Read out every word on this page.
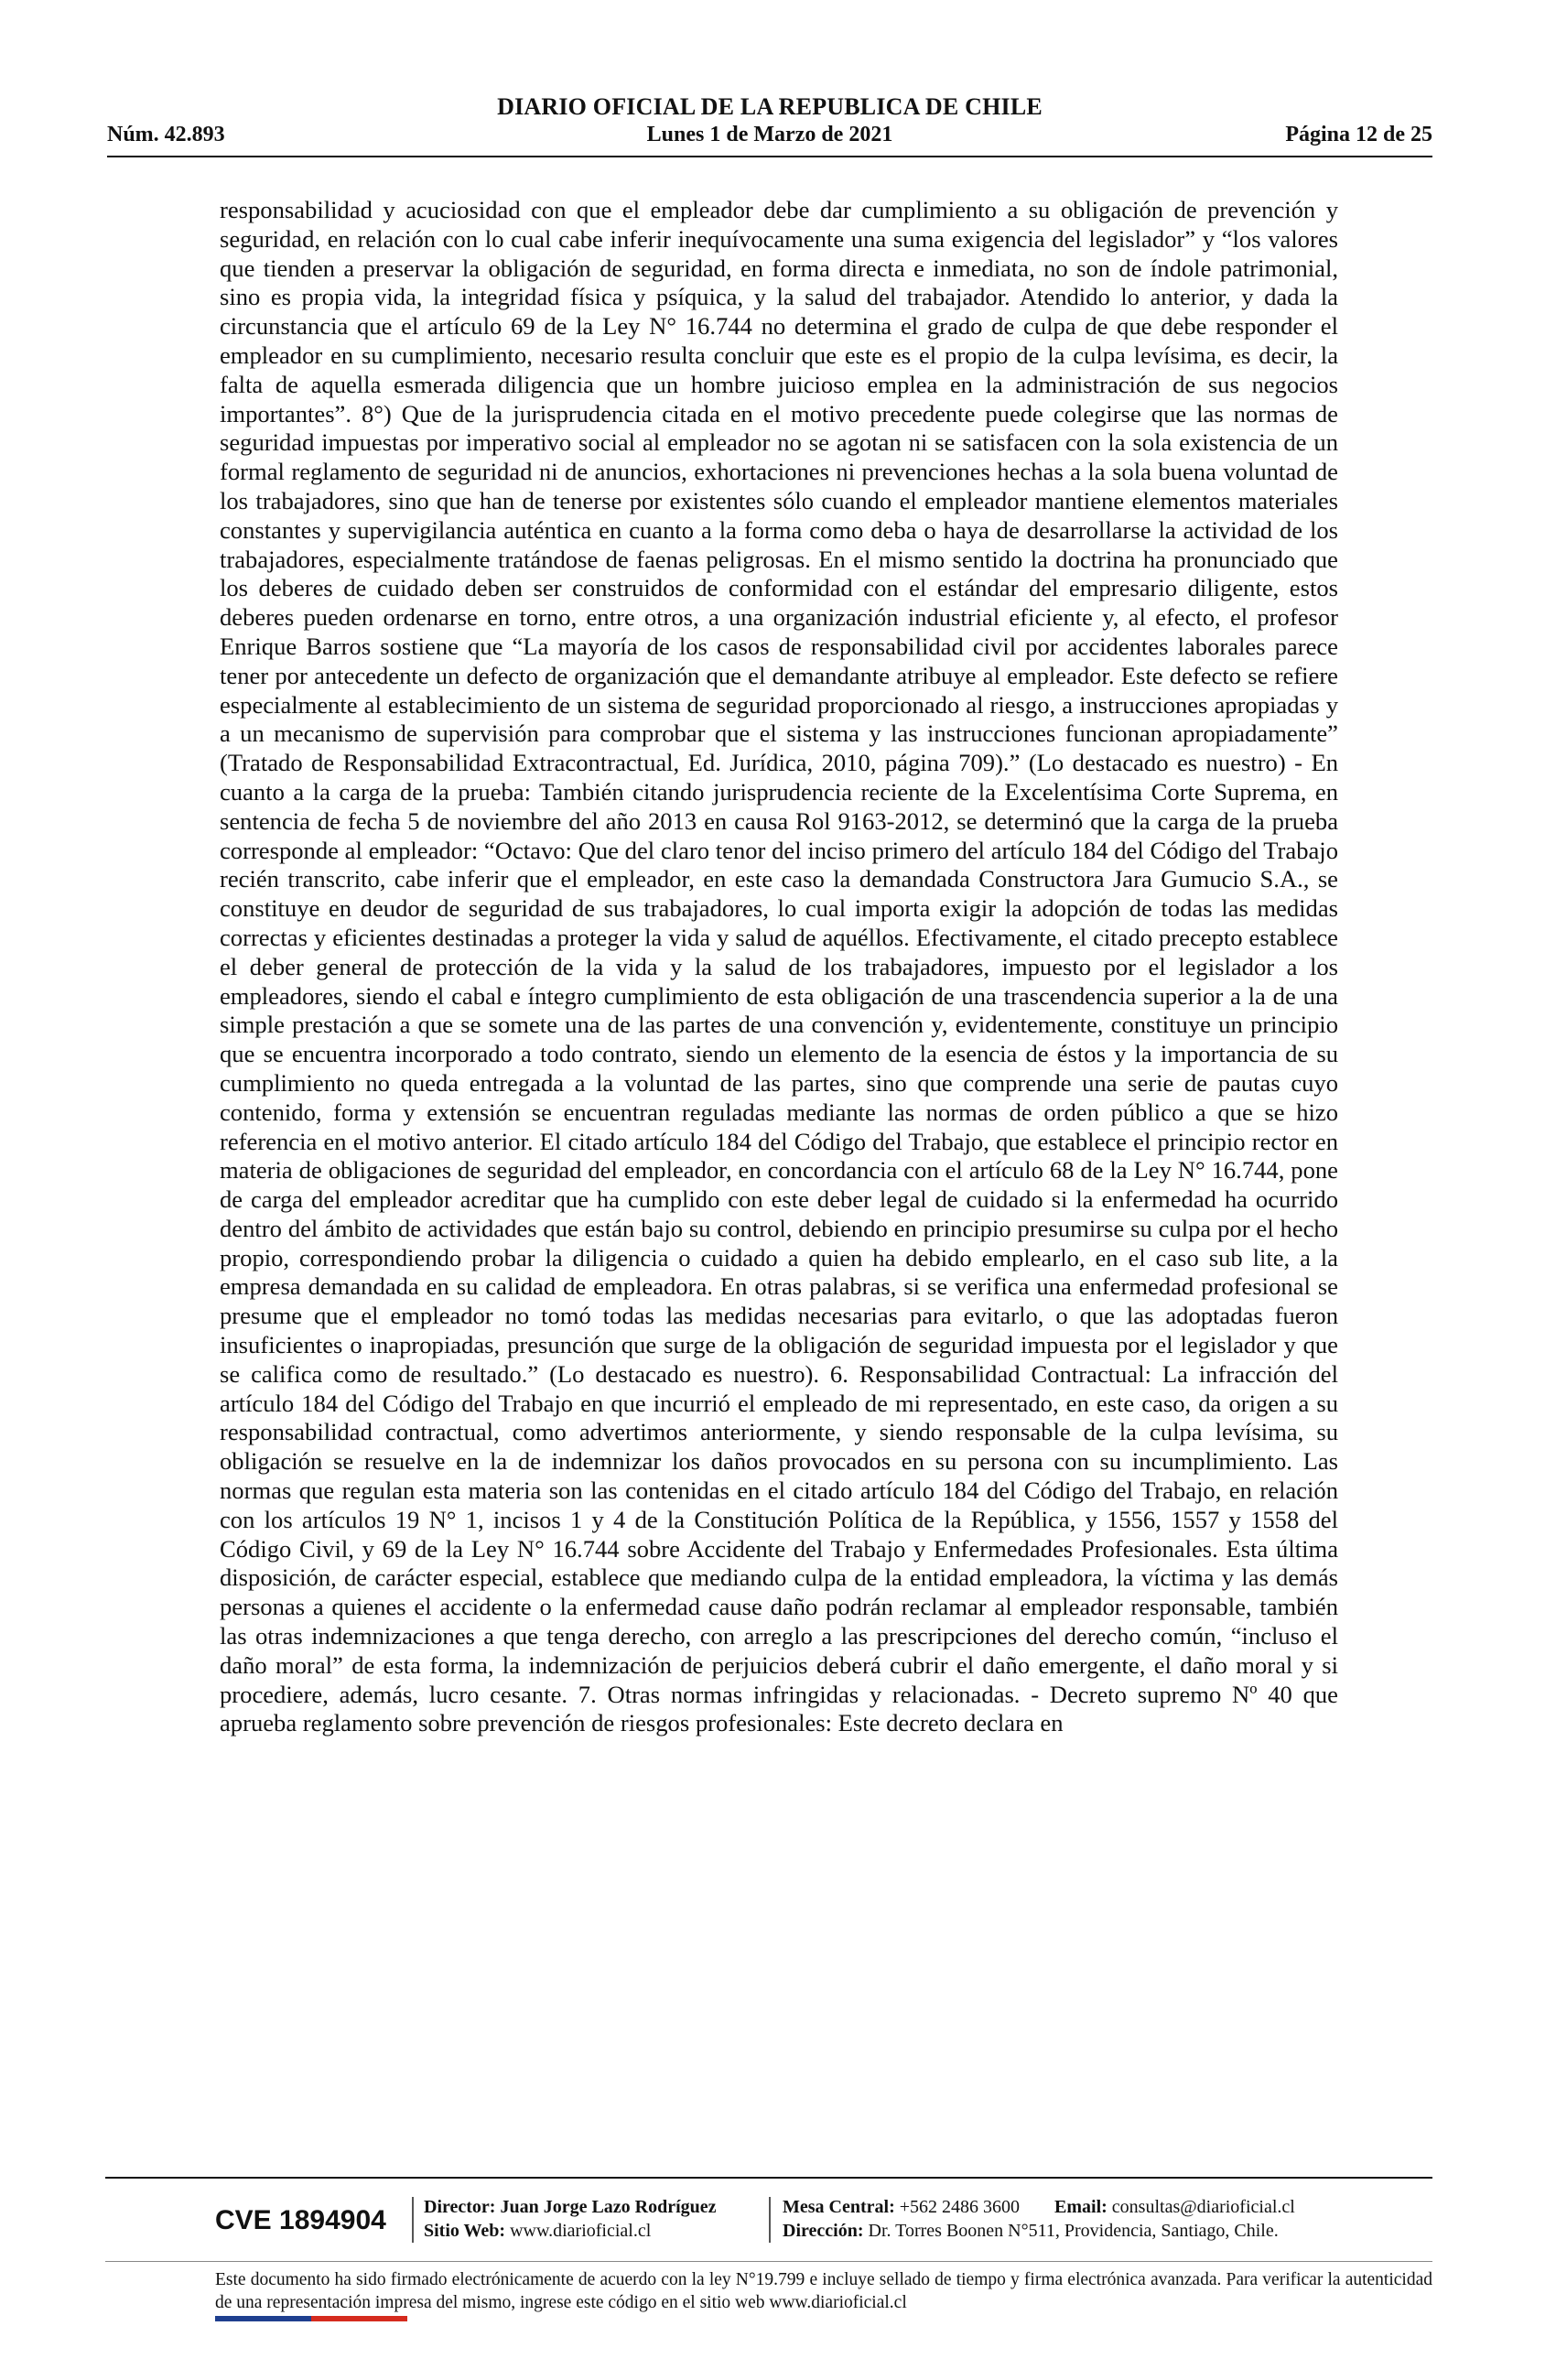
DIARIO OFICIAL DE LA REPUBLICA DE CHILE
Núm. 42.893	Lunes 1 de Marzo de 2021	Página 12 de 25
responsabilidad y acuciosidad con que el empleador debe dar cumplimiento a su obligación de prevención y seguridad, en relación con lo cual cabe inferir inequívocamente una suma exigencia del legislador” y “los valores que tienden a preservar la obligación de seguridad, en forma directa e inmediata, no son de índole patrimonial, sino es propia vida, la integridad física y psíquica, y la salud del trabajador. Atendido lo anterior, y dada la circunstancia que el artículo 69 de la Ley N° 16.744 no determina el grado de culpa de que debe responder el empleador en su cumplimiento, necesario resulta concluir que este es el propio de la culpa levísima, es decir, la falta de aquella esmerada diligencia que un hombre juicioso emplea en la administración de sus negocios importantes”. 8°) Que de la jurisprudencia citada en el motivo precedente puede colegirse que las normas de seguridad impuestas por imperativo social al empleador no se agotan ni se satisfacen con la sola existencia de un formal reglamento de seguridad ni de anuncios, exhortaciones ni prevenciones hechas a la sola buena voluntad de los trabajadores, sino que han de tenerse por existentes sólo cuando el empleador mantiene elementos materiales constantes y supervigilancia auténtica en cuanto a la forma como deba o haya de desarrollarse la actividad de los trabajadores, especialmente tratándose de faenas peligrosas. En el mismo sentido la doctrina ha pronunciado que los deberes de cuidado deben ser construidos de conformidad con el estándar del empresario diligente, estos deberes pueden ordenarse en torno, entre otros, a una organización industrial eficiente y, al efecto, el profesor Enrique Barros sostiene que “La mayoría de los casos de responsabilidad civil por accidentes laborales parece tener por antecedente un defecto de organización que el demandante atribuye al empleador. Este defecto se refiere especialmente al establecimiento de un sistema de seguridad proporcionado al riesgo, a instrucciones apropiadas y a un mecanismo de supervisión para comprobar que el sistema y las instrucciones funcionan apropiadamente” (Tratado de Responsabilidad Extracontractual, Ed. Jurídica, 2010, página 709).” (Lo destacado es nuestro) - En cuanto a la carga de la prueba: También citando jurisprudencia reciente de la Excelentísima Corte Suprema, en sentencia de fecha 5 de noviembre del año 2013 en causa Rol 9163-2012, se determinó que la carga de la prueba corresponde al empleador: “Octavo: Que del claro tenor del inciso primero del artículo 184 del Código del Trabajo recién transcrito, cabe inferir que el empleador, en este caso la demandada Constructora Jara Gumucio S.A., se constituye en deudor de seguridad de sus trabajadores, lo cual importa exigir la adopción de todas las medidas correctas y eficientes destinadas a proteger la vida y salud de aquéllos. Efectivamente, el citado precepto establece el deber general de protección de la vida y la salud de los trabajadores, impuesto por el legislador a los empleadores, siendo el cabal e íntegro cumplimiento de esta obligación de una trascendencia superior a la de una simple prestación a que se somete una de las partes de una convención y, evidentemente, constituye un principio que se encuentra incorporado a todo contrato, siendo un elemento de la esencia de éstos y la importancia de su cumplimiento no queda entregada a la voluntad de las partes, sino que comprende una serie de pautas cuyo contenido, forma y extensión se encuentran reguladas mediante las normas de orden público a que se hizo referencia en el motivo anterior. El citado artículo 184 del Código del Trabajo, que establece el principio rector en materia de obligaciones de seguridad del empleador, en concordancia con el artículo 68 de la Ley N° 16.744, pone de carga del empleador acreditar que ha cumplido con este deber legal de cuidado si la enfermedad ha ocurrido dentro del ámbito de actividades que están bajo su control, debiendo en principio presumirse su culpa por el hecho propio, correspondiendo probar la diligencia o cuidado a quien ha debido emplearlo, en el caso sub lite, a la empresa demandada en su calidad de empleadora. En otras palabras, si se verifica una enfermedad profesional se presume que el empleador no tomó todas las medidas necesarias para evitarlo, o que las adoptadas fueron insuficientes o inapropiadas, presunción que surge de la obligación de seguridad impuesta por el legislador y que se califica como de resultado.” (Lo destacado es nuestro). 6. Responsabilidad Contractual: La infracción del artículo 184 del Código del Trabajo en que incurrió el empleado de mi representado, en este caso, da origen a su responsabilidad contractual, como advertimos anteriormente, y siendo responsable de la culpa levísima, su obligación se resuelve en la de indemnizar los daños provocados en su persona con su incumplimiento. Las normas que regulan esta materia son las contenidas en el citado artículo 184 del Código del Trabajo, en relación con los artículos 19 N° 1, incisos 1 y 4 de la Constitución Política de la República, y 1556, 1557 y 1558 del Código Civil, y 69 de la Ley N° 16.744 sobre Accidente del Trabajo y Enfermedades Profesionales. Esta última disposición, de carácter especial, establece que mediando culpa de la entidad empleadora, la víctima y las demás personas a quienes el accidente o la enfermedad cause daño podrán reclamar al empleador responsable, también las otras indemnizaciones a que tenga derecho, con arreglo a las prescripciones del derecho común, “incluso el daño moral” de esta forma, la indemnización de perjuicios deberá cubrir el daño emergente, el daño moral y si procediere, además, lucro cesante. 7. Otras normas infringidas y relacionadas. - Decreto supremo Nº 40 que aprueba reglamento sobre prevención de riesgos profesionales: Este decreto declara en
CVE 1894904	Director: Juan Jorge Lazo Rodríguez
Sitio Web: www.diarioficial.cl
Mesa Central: +562 2486 3600 Email: consultas@diarioficial.cl
Dirección: Dr. Torres Boonen N°511, Providencia, Santiago, Chile.
Este documento ha sido firmado electrónicamente de acuerdo con la ley N°19.799 e incluye sellado de tiempo y firma electrónica avanzada. Para verificar la autenticidad de una representación impresa del mismo, ingrese este código en el sitio web www.diarioficial.cl
